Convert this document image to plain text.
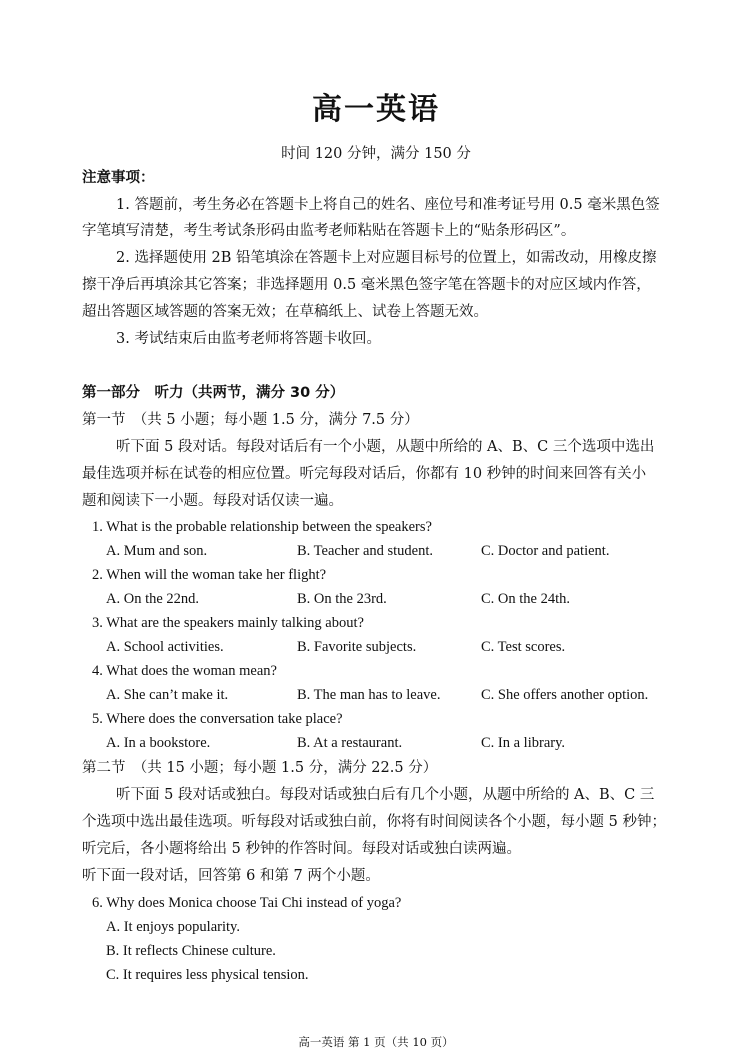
高一英语
时间 120 分钟，满分 150 分
注意事项：
1. 答题前，考生务必在答题卡上将自己的姓名、座位号和准考证号用 0.5 毫米黑色签
字笔填写清楚，考生考试条形码由监考老师粘贴在答题卡上的“贴条形码区”。
2. 选择题使用 2B 铅笔填涂在答题卡上对应题目标号的位置上，如需改动，用橡皮擦
擦干净后再填涂其它答案；非选择题用 0.5 毫米黑色签字笔在答题卡的对应区域内作答，
超出答题区域答题的答案无效；在草稿纸上、试卷上答题无效。
3. 考试结束后由监考老师将答题卡收回。
第一部分　听力（共两节，满分 30 分）
第一节　（共 5 小题；每小题 1.5 分，满分 7.5 分）
听下面 5 段对话。每段对话后有一个小题，从题中所给的 A、B、C 三个选项中选出
最佳选项并标在试卷的相应位置。听完每段对话后，你都有 10 秒钟的时间来回答有关小
题和阅读下一小题。每段对话仅读一遍。
1. What is the probable relationship between the speakers?
A. Mum and son.	B. Teacher and student.	C. Doctor and patient.
2. When will the woman take her flight?
A. On the 22nd.	B. On the 23rd.	C. On the 24th.
3. What are the speakers mainly talking about?
A. School activities.	B. Favorite subjects.	C. Test scores.
4. What does the woman mean?
A. She can’t make it.	B. The man has to leave.	C. She offers another option.
5. Where does the conversation take place?
A. In a bookstore.	B. At a restaurant.	C. In a library.
第二节　（共 15 小题；每小题 1.5 分，满分 22.5 分）
听下面 5 段对话或独白。每段对话或独白后有几个小题，从题中所给的 A、B、C 三
个选项中选出最佳选项。听每段对话或独白前，你将有时间阅读各个小题，每小题 5 秒钟；
听完后，各小题将给出 5 秒钟的作答时间。每段对话或独白读两遍。
听下面一段对话，回答第 6 和第 7 两个小题。
6. Why does Monica choose Tai Chi instead of yoga?
A. It enjoys popularity.
B. It reflects Chinese culture.
C. It requires less physical tension.
高一英语 第 1 页（共 10 页）
